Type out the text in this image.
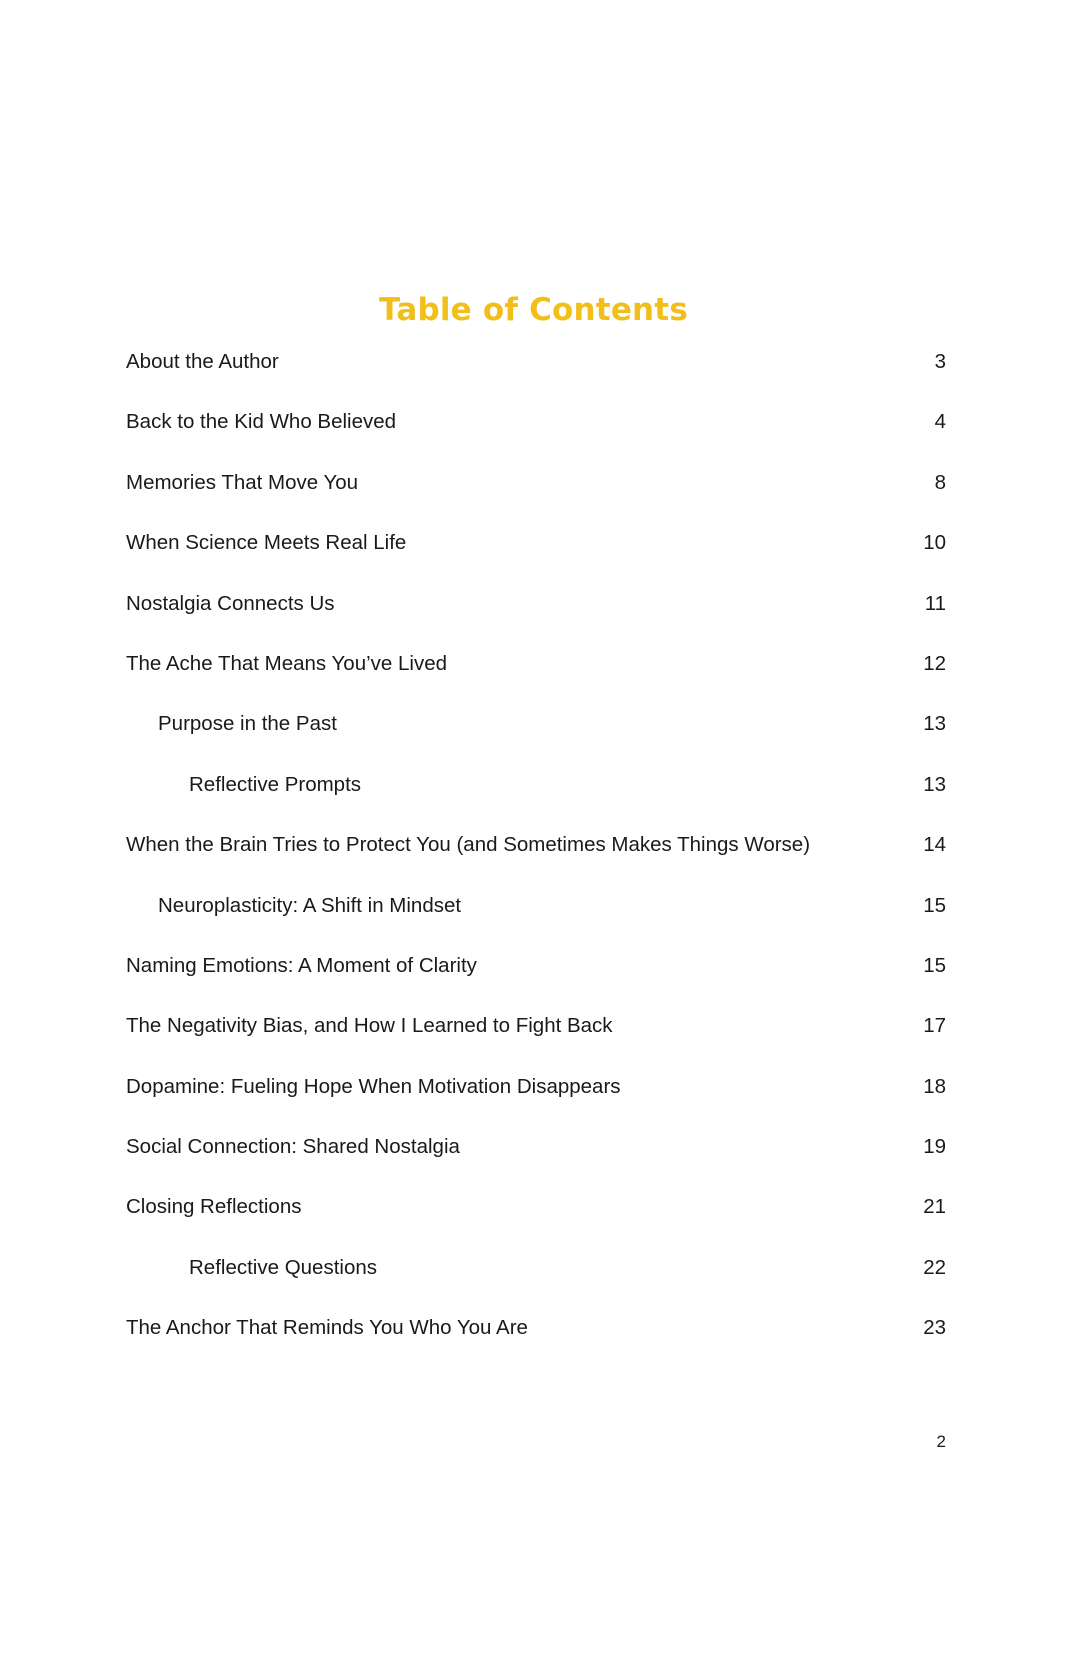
Table of Contents
About the Author	3
Back to the Kid Who Believed	4
Memories That Move You	8
When Science Meets Real Life	10
Nostalgia Connects Us	11
The Ache That Means You’ve Lived	12
Purpose in the Past	13
Reflective Prompts	13
When the Brain Tries to Protect You (and Sometimes Makes Things Worse)	14
Neuroplasticity: A Shift in Mindset	15
Naming Emotions: A Moment of Clarity	15
The Negativity Bias, and How I Learned to Fight Back	17
Dopamine: Fueling Hope When Motivation Disappears	18
Social Connection: Shared Nostalgia	19
Closing Reflections	21
Reflective Questions	22
The Anchor That Reminds You Who You Are	23
2
